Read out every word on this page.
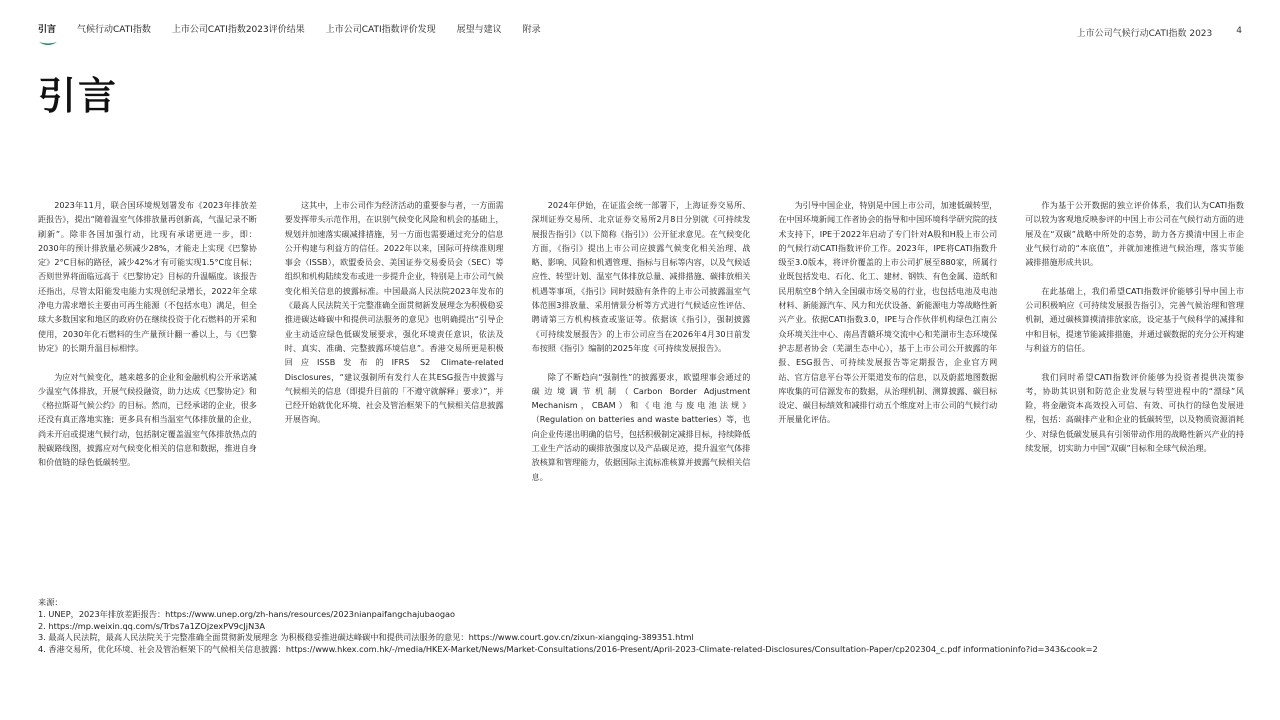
引言 气候行动CATI指数 上市公司CATI指数2023评价结果 上市公司CATI指数评价发现 展望与建议 附录	上市公司气候行动CATI指数 2023	4
引言

2023年11月，联合国环境规划署发布《2023年排放差距报告》，提出“随着温室气体排放量再创新高，气温记录不断刷新”。除非各国加强行动，比现有承诺更进一步，即：2030年的预计排放量必须减少28%，才能走上实现《巴黎协定》2°C目标的路径，减少42%才有可能实现1.5°C度目标；否则世界将面临远高于《巴黎协定》目标的升温幅度。该报告还指出，尽管太阳能发电能力实现创纪录增长，2022年全球净电力需求增长主要由可再生能源（不包括水电）满足，但全球大多数国家和地区的政府仍在继续投资于化石燃料的开采和使用，2030年化石燃料的生产量预计翻一番以上，与《巴黎协定》的长期升温目标相悖。

为应对气候变化，越来越多的企业和金融机构公开承诺减少温室气体排放，开展气候投融资，助力达成《巴黎协定》和《格拉斯哥气候公约》的目标。然而，已经承诺的企业，很多还没有真正落地实施；更多具有相当温室气体排放量的企业，尚未开启或提速气候行动，包括制定覆盖温室气体排放热点的脱碳路线图，披露应对气候变化相关的信息和数据，推进自身和价值链的绿色低碳转型。

这其中，上市公司作为经济活动的重要参与者，一方面需要发挥带头示范作用，在识别气候变化风险和机会的基础上，规划并加速落实碳减排措施，另一方面也需要通过充分的信息公开构建与利益方的信任。2022年以来，国际可持续准则理事会（ISSB），欧盟委员会、美国证券交易委员会（SEC）等组织和机构陆续发布或进一步提升企业，特别是上市公司气候变化相关信息的披露标准。中国最高人民法院2023年发布的《最高人民法院关于完整准确全面贯彻新发展理念为积极稳妥推进碳达峰碳中和提供司法服务的意见》也明确提出“引导企业主动适应绿色低碳发展要求，强化环境责任意识，依法及时、真实、准确、完整披露环境信息”。香港交易所更是积极回应ISSB发布的IFRS S2 Climate-related Disclosures，“建议强制所有发行人在其ESG报告中披露与气候相关的信息（即提升目前的「不遵守就解释」要求）”，并已经开始就优化环境、社会及管治框架下的气候相关信息披露开展咨询。

2024年伊始，在证监会统一部署下，上海证券交易所、深圳证券交易所、北京证券交易所2月8日分别就《可持续发展报告指引》（以下简称《指引》）公开征求意见。在气候变化方面，《指引》提出上市公司应披露气候变化相关治理、战略、影响、风险和机遇管理、指标与目标等内容，以及气候适应性、转型计划、温室气体排放总量、减排措施、碳排放相关机遇等事项，《指引》同时鼓励有条件的上市公司披露温室气体范围3排放量、采用情景分析等方式进行气候适应性评估、聘请第三方机构核查或鉴证等。依据该《指引》，强制披露《可持续发展报告》的上市公司应当在2026年4月30日前发布按照《指引》编制的2025年度《可持续发展报告》。

除了不断趋向“强制性”的披露要求，欧盟理事会通过的碳边境调节机制（Carbon Border Adjustment Mechanism，CBAM）和《电池与废电池法规》（Regulation on batteries and waste batteries）等，也向企业传递出明确的信号，包括积极制定减排目标，持续降低工业生产活动的碳排放强度以及产品碳足迹，提升温室气体排放核算和管理能力，依据国际主流标准核算并披露气候相关信息。

为引导中国企业，特别是中国上市公司，加速低碳转型，在中国环境新闻工作者协会的指导和中国环境科学研究院的技术支持下，IPE于2022年启动了专门针对A股和H股上市公司的气候行动CATI指数评价工作。2023年，IPE将CATI指数升级至3.0版本，将评价覆盖的上市公司扩展至880家，所属行业既包括发电、石化、化工、建材、钢铁、有色金属、造纸和民用航空8个纳入全国碳市场交易的行业，也包括电池及电池材料、新能源汽车、风力和光伏设备、新能源电力等战略性新兴产业。依据CATI指数3.0，IPE与合作伙伴机构绿色江南公众环境关注中心、南昌青赣环境交流中心和芜湖市生态环境保护志愿者协会（芜湖生态中心），基于上市公司公开披露的年报、ESG报告、可持续发展报告等定期报告，企业官方网站、官方信息平台等公开渠道发布的信息，以及蔚蓝地图数据库收集的可信源发布的数据，从治理机制、测算披露、碳目标设定、碳目标绩效和减排行动五个维度对上市公司的气候行动开展量化评估。

作为基于公开数据的独立评价体系，我们认为CATI指数可以较为客观地反映参评的中国上市公司在气候行动方面的进展及在“双碳”战略中所处的态势，助力各方摸清中国上市企业气候行动的“本底值”，并就加速推进气候治理，落实节能减排措施形成共识。

在此基础上，我们希望CATI指数评价能够引导中国上市公司积极响应《可持续发展报告指引》，完善气候治理和管理机制，通过碳核算摸清排放家底，设定基于气候科学的减排和中和目标，提速节能减排措施，并通过碳数据的充分公开构建与利益方的信任。

我们同时希望CATI指数评价能够为投资者提供决策参考，协助其识别和防范企业发展与转型进程中的“漂绿”风险，将金融资本高效投入可信、有效、可执行的绿色发展进程，包括：高碳排产业和企业的低碳转型，以及物质资源消耗少、对绿色低碳发展具有引领带动作用的战略性新兴产业的持续发展，切实助力中国“双碳”目标和全球气候治理。

来源：
1. UNEP，2023年排放差距报告：https://www.unep.org/zh-hans/resources/2023nianpaifangchajubaogao
2. https://mp.weixin.qq.com/s/Trbs7a1ZOjzexPV9cJjN3A
3. 最高人民法院，最高人民法院关于完整准确全面贯彻新发展理念 为积极稳妥推进碳达峰碳中和提供司法服务的意见：https://www.court.gov.cn/zixun-xiangqing-389351.html
4. 香港交易所，优化环境、社会及管治框架下的气候相关信息披露：https://www.hkex.com.hk/-/media/HKEX-Market/News/Market-Consultations/2016-Present/April-2023-Climate-related-Disclosures/Consultation-Paper/cp202304_c.pdf informationinfo?id=343&cook=2
